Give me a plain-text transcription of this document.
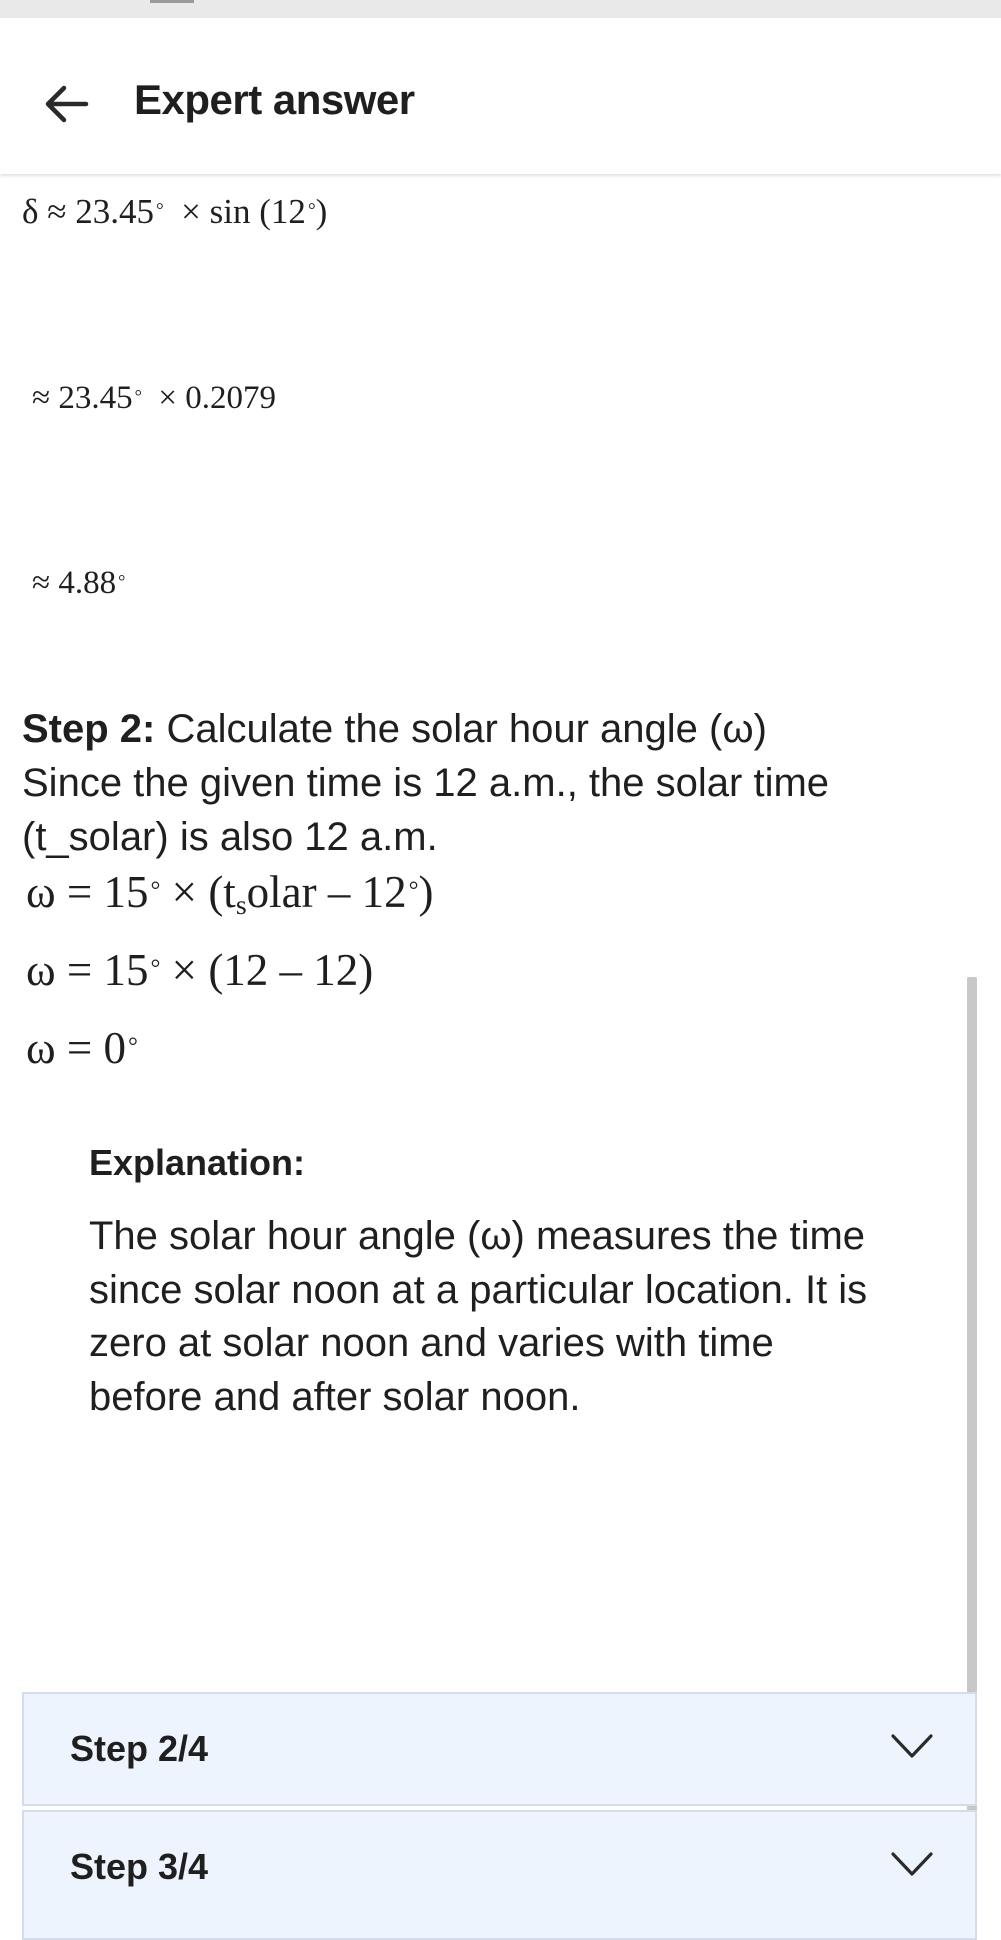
Expert answer
δ ≈ 23.45 ° × sin (12 °)
≈ 23.45 ° × 0.2079
≈ 4.88 °
Step 2: Calculate the solar hour angle (ω)
Since the given time is 12 a.m., the solar time
(t_solar) is also 12 a.m.
$\omega = 15^\circ \times (t_solar - 12^\circ)$
ω = 15° × (12 – 12)
ω = 0°
Explanation:
The solar hour angle (ω) measures the time since solar noon at a particular location. It is zero at solar noon and varies with time before and after solar noon.
Step 2/4
Step 3/4
